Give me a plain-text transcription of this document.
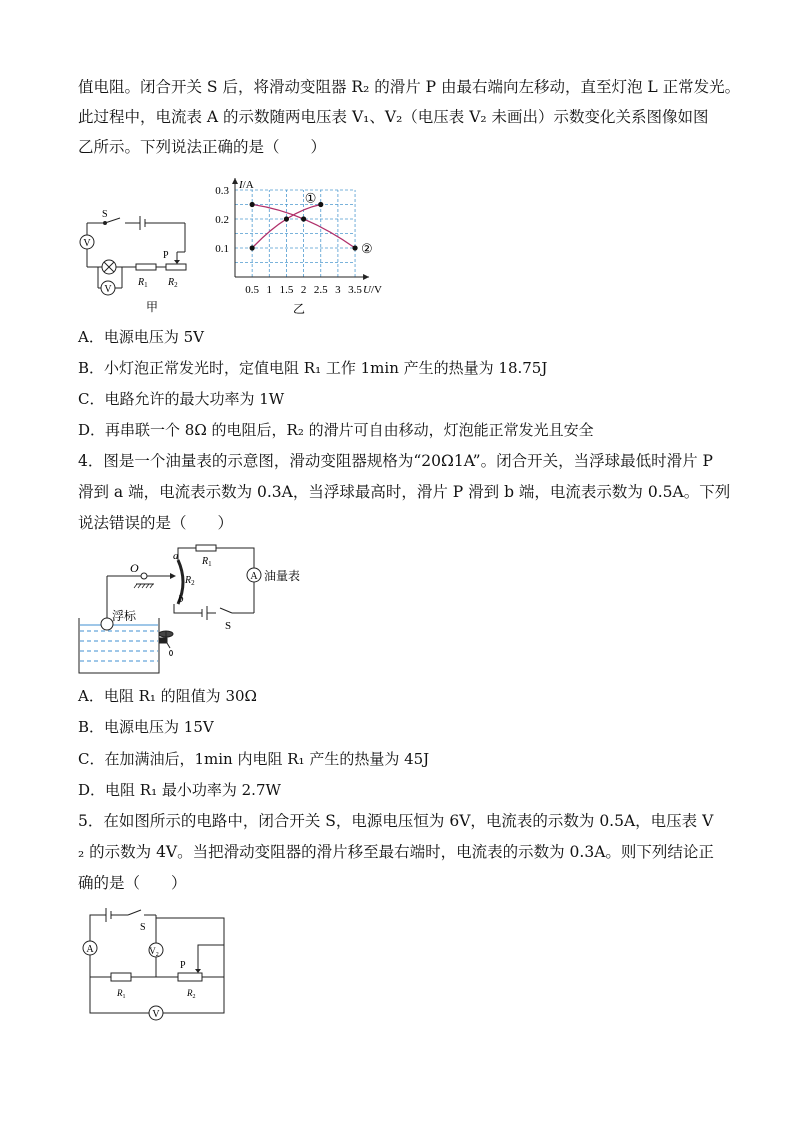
值电阻。闭合开关 S 后，将滑动变阻器 R₂ 的滑片 P 由最右端向左移动，直至灯泡 L 正常发光。
此过程中，电流表 A 的示数随两电压表 V₁、V₂（电压表 V₂ 未画出）示数变化关系图像如图
乙所示。下列说法正确的是（　　）
V
V
S
P
$R_1$ $R_2$
甲
0.5 1 1.5 2 2.5 3 3.5
0.1
0.2
0.3 I/A
U/V
①
②
乙
A．电源电压为 5V
B．小灯泡正常发光时，定值电阻 R₁ 工作 1min 产生的热量为 18.75J
C．电路允许的最大功率为 1W
D．再串联一个 8Ω 的电阻后，R₂ 的滑片可自由移动，灯泡能正常发光且安全
4．图是一个油量表的示意图，滑动变阻器规格为“20Ω1A”。闭合开关，当浮球最低时滑片 P
滑到 a 端，电流表示数为 0.3A，当浮球最高时，滑片 P 滑到 b 端，电流表示数为 0.5A。下列
说法错误的是（　　）
浮标
O
a
b
$R_2$
$R_1$
A 油量表
S
A．电阻 R₁ 的阻值为 30Ω
B．电源电压为 15V
C．在加满油后，1min 内电阻 R₁ 产生的热量为 45J
D．电阻 R₁ 最小功率为 2.7W
5．在如图所示的电路中，闭合开关 S，电源电压恒为 6V，电流表的示数为 0.5A，电压表 V
₂ 的示数为 4V。当把滑动变阻器的滑片移至最右端时，电流表的示数为 0.3A。则下列结论正
确的是（　　）
A	$V_2$
V
S
P
$R_1$	$R_2$
